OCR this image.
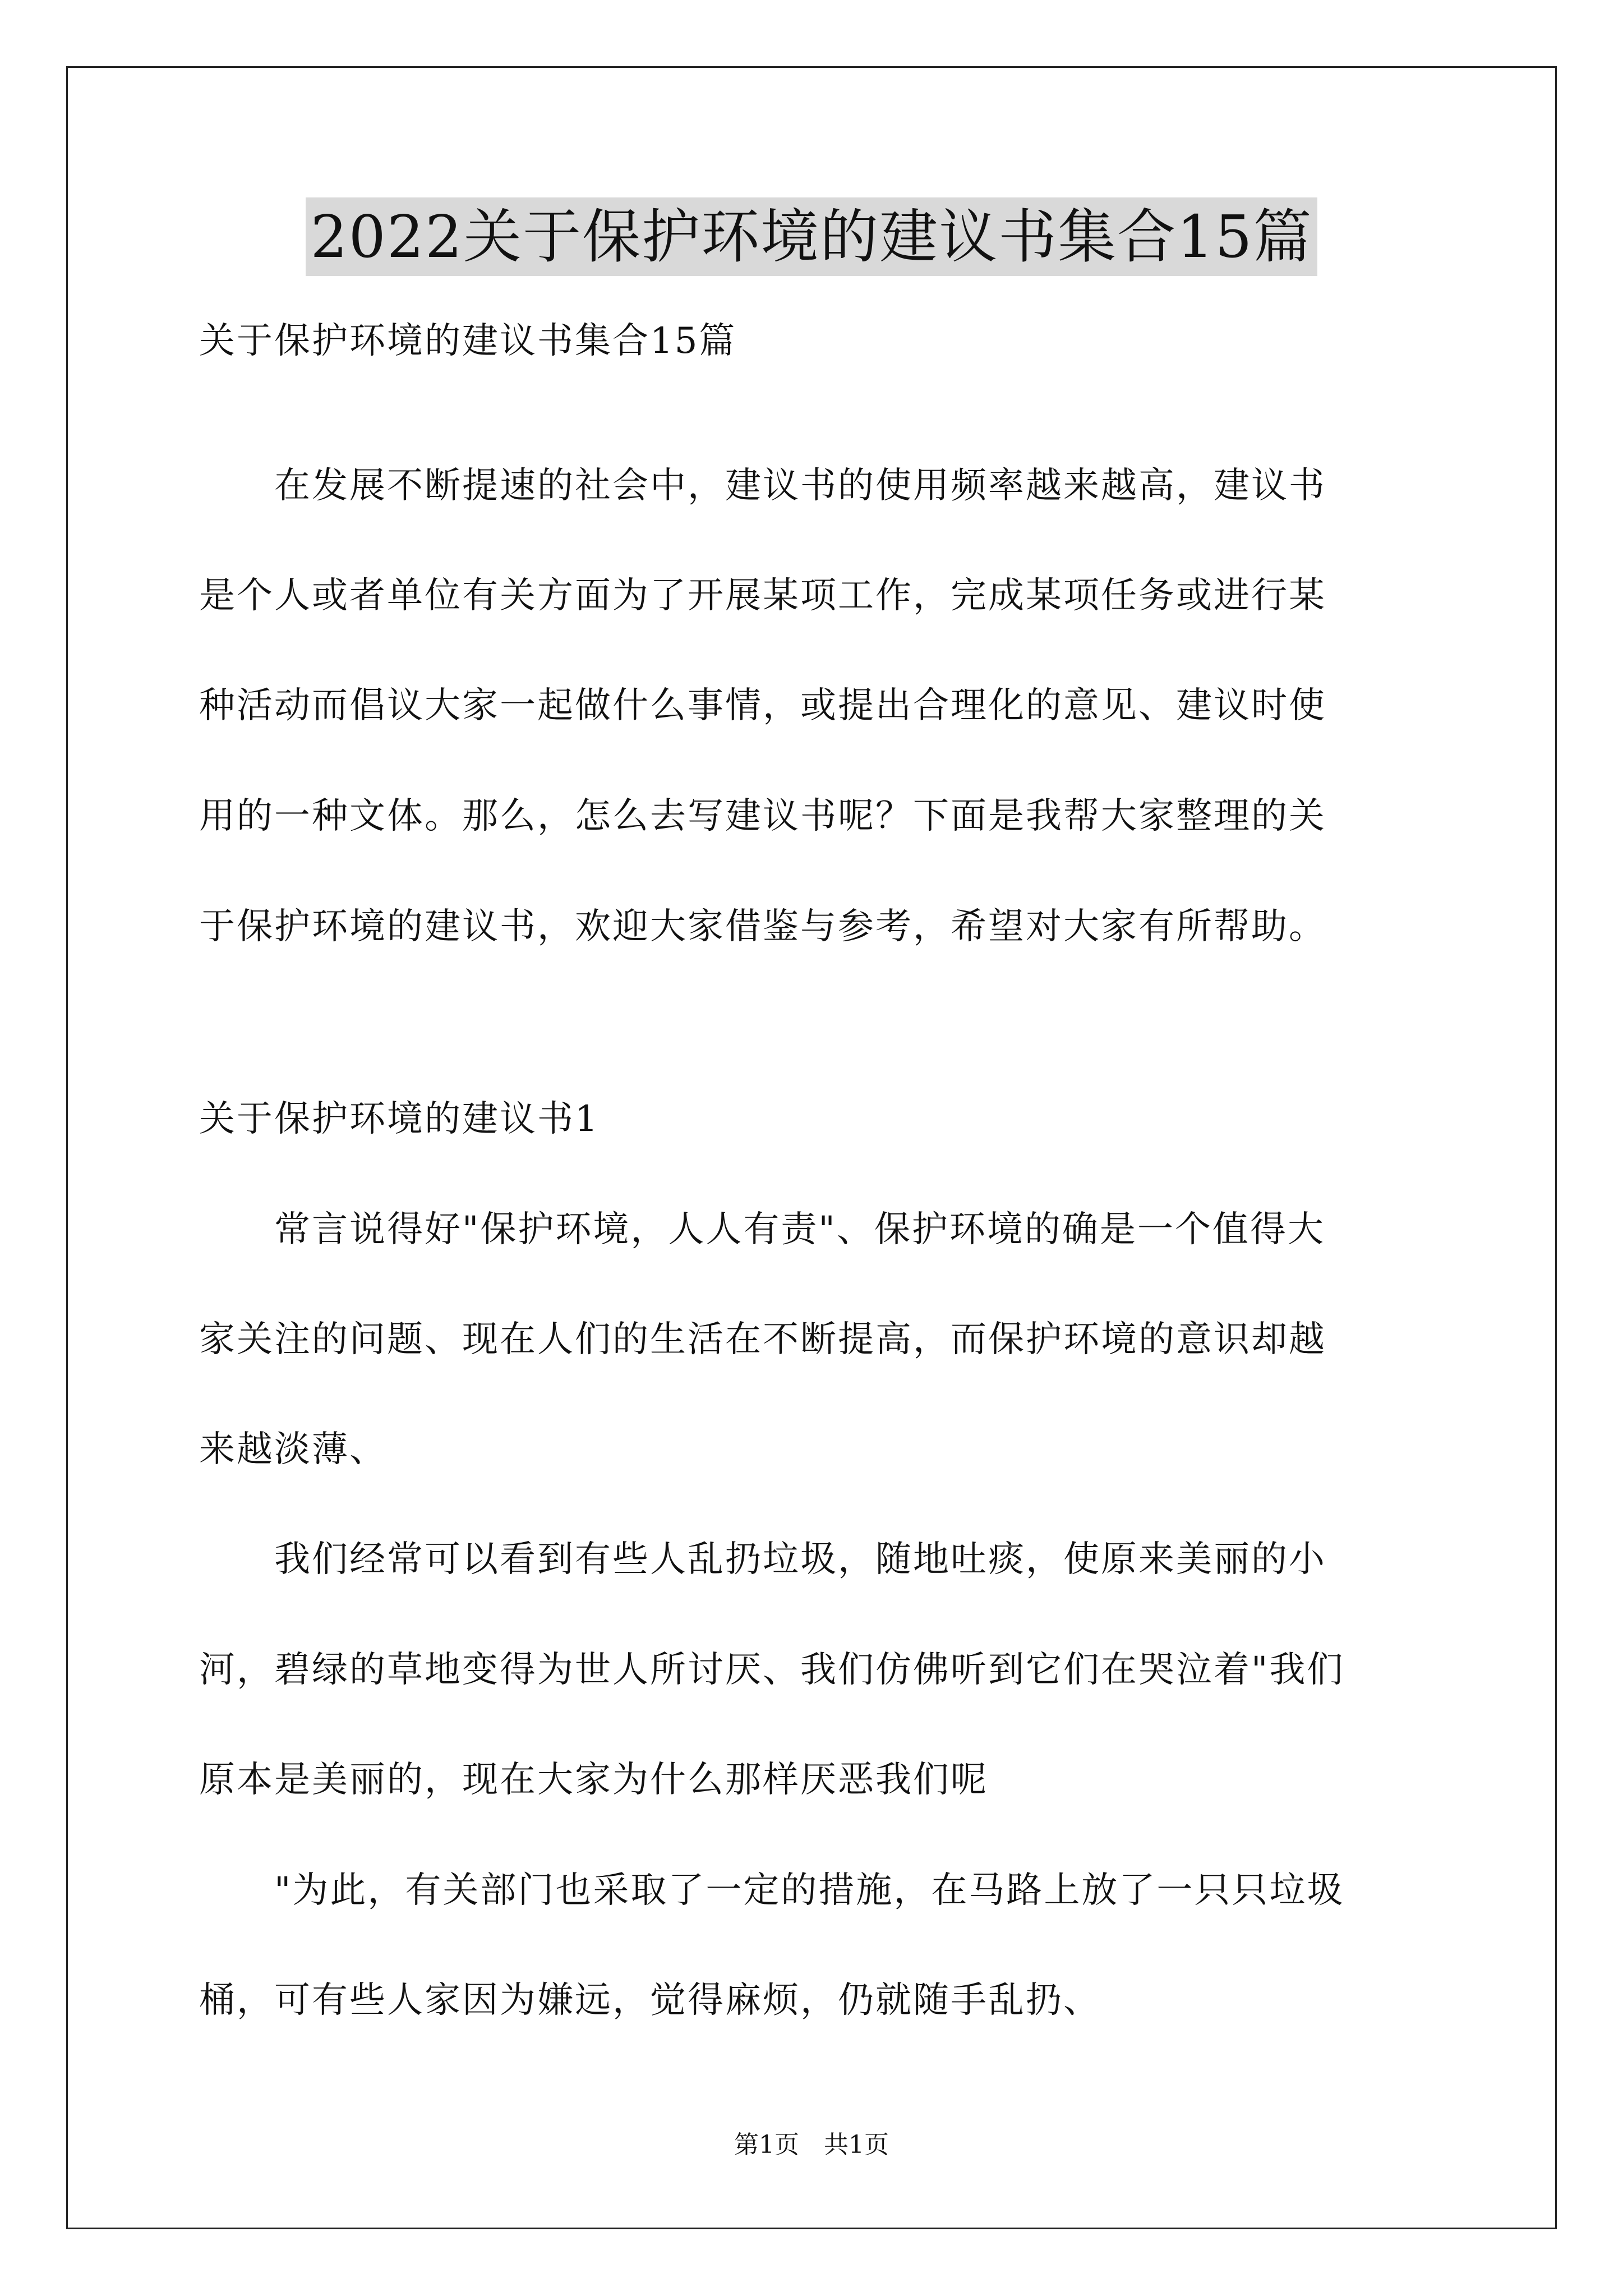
2022关于保护环境的建议书集合15篇
关于保护环境的建议书集合15篇
　　在发展不断提速的社会中，建议书的使用频率越来越高，建议书
是个人或者单位有关方面为了开展某项工作，完成某项任务或进行某
种活动而倡议大家一起做什么事情，或提出合理化的意见、建议时使
用的一种文体。那么，怎么去写建议书呢？下面是我帮大家整理的关
于保护环境的建议书，欢迎大家借鉴与参考，希望对大家有所帮助。
关于保护环境的建议书1
　　常言说得好"保护环境，人人有责"、保护环境的确是一个值得大
家关注的问题、现在人们的生活在不断提高，而保护环境的意识却越
来越淡薄、
　　我们经常可以看到有些人乱扔垃圾，随地吐痰，使原来美丽的小
河，碧绿的草地变得为世人所讨厌、我们仿佛听到它们在哭泣着"我们
原本是美丽的，现在大家为什么那样厌恶我们呢
　　"为此，有关部门也采取了一定的措施，在马路上放了一只只垃圾
桶，可有些人家因为嫌远，觉得麻烦，仍就随手乱扔、
第1页　共1页
